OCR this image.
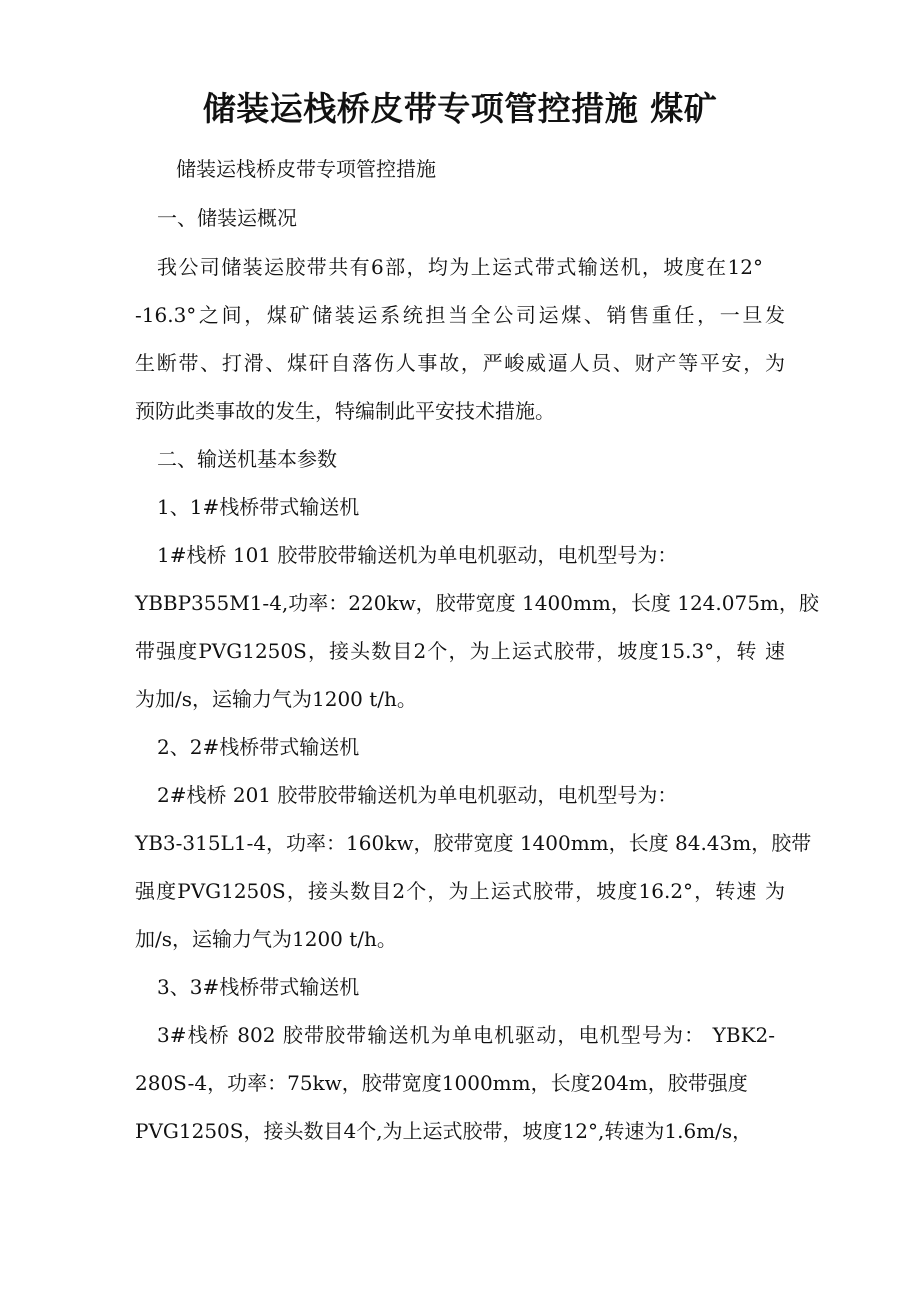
储装运栈桥皮带专项管控措施 煤矿
储装运栈桥皮带专项管控措施
一、储装运概况
我公司储装运胶带共有6部，均为上运式带式输送机，坡度在12°
-16.3°之间，煤矿储装运系统担当全公司运煤、销售重任，一旦发
生断带、打滑、煤矸自落伤人事故，严峻威逼人员、财产等平安，为
预防此类事故的发生，特编制此平安技术措施。
二、输送机基本参数
1、1#栈桥带式输送机
1#栈桥 101 胶带胶带输送机为单电机驱动，电机型号为：
YBBP355M1-4,功率：220kw，胶带宽度 1400mm，长度 124.075m，胶
带强度PVG1250S，接头数目2个，为上运式胶带，坡度15.3°，转 速
为加/s，运输力气为1200 t/h。
2、2#栈桥带式输送机
2#栈桥 201 胶带胶带输送机为单电机驱动，电机型号为：
YB3-315L1-4，功率：160kw，胶带宽度 1400mm，长度 84.43m，胶带
强度PVG1250S，接头数目2个，为上运式胶带，坡度16.2°，转速 为
加/s，运输力气为1200 t/h。
3、3#栈桥带式输送机
3#栈桥 802 胶带胶带输送机为单电机驱动，电机型号为： YBK2-
280S-4，功率：75kw，胶带宽度1000mm，长度204m，胶带强度
PVG1250S，接头数目4个,为上运式胶带，坡度12°,转速为1.6m/s，
